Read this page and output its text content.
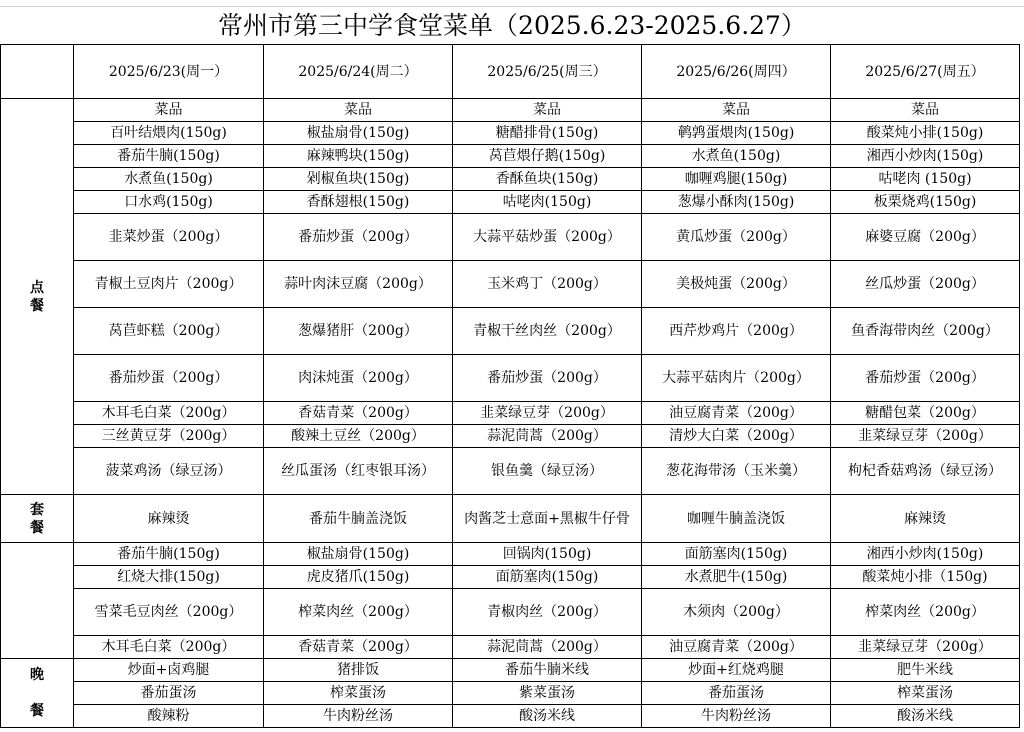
常州市第三中学食堂菜单（2025.6.23-2025.6.27）
	2025/6/23(周一）	2025/6/24(周二）	2025/6/25(周三）	2025/6/26(周四）	2025/6/27(周五）
点
餐	菜品	菜品	菜品	菜品	菜品
	百叶结煨肉(150g)	椒盐扇骨(150g)	糖醋排骨(150g)	鹌鹑蛋煨肉(150g)	酸菜炖小排(150g)
	番茄牛腩(150g)	麻辣鸭块(150g)	莴苣煨仔鹅(150g)	水煮鱼(150g)	湘西小炒肉(150g)
	水煮鱼(150g)	剁椒鱼块(150g)	香酥鱼块(150g)	咖喱鸡腿(150g)	咕咾肉 (150g)
	口水鸡(150g)	香酥翅根(150g)	咕咾肉(150g)	葱爆小酥肉(150g)	板栗烧鸡(150g)
	韭菜炒蛋（200g）	番茄炒蛋（200g）	大蒜平菇炒蛋（200g）	黄瓜炒蛋（200g）	麻婆豆腐（200g）
	青椒土豆肉片（200g）	蒜叶肉沫豆腐（200g）	玉米鸡丁（200g）	美极炖蛋（200g）	丝瓜炒蛋（200g）
	莴苣虾糕（200g）	葱爆猪肝（200g）	青椒干丝肉丝（200g）	西芹炒鸡片（200g）	鱼香海带肉丝（200g）
	番茄炒蛋（200g）	肉沫炖蛋（200g）	番茄炒蛋（200g）	大蒜平菇肉片（200g）	番茄炒蛋（200g）
	木耳毛白菜（200g）	香菇青菜（200g）	韭菜绿豆芽（200g）	油豆腐青菜（200g）	糖醋包菜（200g）
	三丝黄豆芽（200g）	酸辣土豆丝（200g）	蒜泥茼蒿（200g）	清炒大白菜（200g）	韭菜绿豆芽（200g）
	菠菜鸡汤（绿豆汤）	丝瓜蛋汤（红枣银耳汤）	银鱼羹（绿豆汤）	葱花海带汤（玉米羹）	枸杞香菇鸡汤（绿豆汤）
套
餐	麻辣烫	番茄牛腩盖浇饭	肉酱芝士意面+黑椒牛仔骨	咖喱牛腩盖浇饭	麻辣烫
	番茄牛腩(150g)	椒盐扇骨(150g)	回锅肉(150g)	面筋塞肉(150g)	湘西小炒肉(150g)
	红烧大排(150g)	虎皮猪爪(150g)	面筋塞肉(150g)	水煮肥牛(150g)	酸菜炖小排（150g)
	雪菜毛豆肉丝（200g）	榨菜肉丝（200g）	青椒肉丝（200g）	木须肉（200g）	榨菜肉丝（200g）
	木耳毛白菜（200g）	香菇青菜（200g）	蒜泥茼蒿（200g）	油豆腐青菜（200g）	韭菜绿豆芽（200g）
晚

餐	炒面+卤鸡腿	猪排饭	番茄牛腩米线	炒面+红烧鸡腿	肥牛米线
	番茄蛋汤	榨菜蛋汤	紫菜蛋汤	番茄蛋汤	榨菜蛋汤
	酸辣粉	牛肉粉丝汤	酸汤米线	牛肉粉丝汤	酸汤米线
